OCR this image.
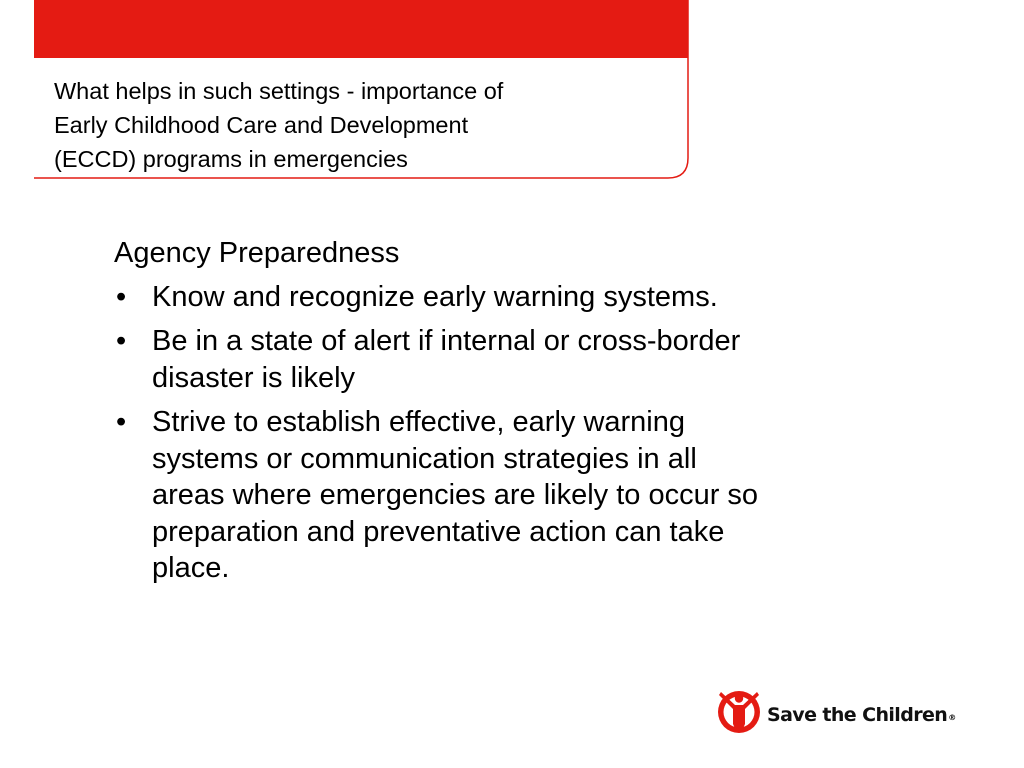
What helps in such settings - importance of
Early Childhood Care and Development
(ECCD) programs in emergencies
Agency Preparedness
• Know and recognize early warning systems.
• Be in a state of alert if internal or cross-border
disaster is likely
• Strive to establish effective, early warning
systems or communication strategies in all
areas where emergencies are likely to occur so
preparation and preventative action can take
place.
Save the Children®
